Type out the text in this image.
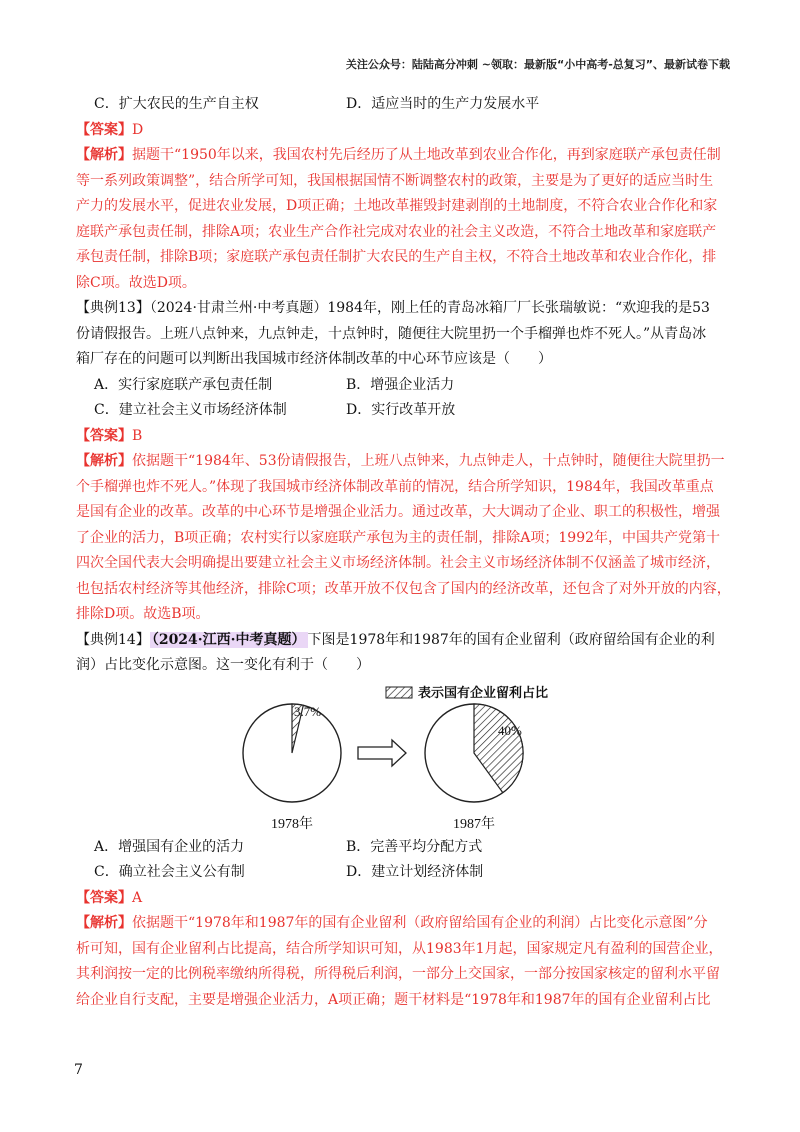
关注公众号：陆陆高分冲刺 ~领取：最新版“小中高考-总复习”、最新试卷下载
C．扩大农民的生产自主权	D．适应当时的生产力发展水平
【答案】D
【解析】据题干“1950年以来，我国农村先后经历了从土地改革到农业合作化，再到家庭联产承包责任制
等一系列政策调整”，结合所学可知，我国根据国情不断调整农村的政策，主要是为了更好的适应当时生
产力的发展水平，促进农业发展，D项正确；土地改革摧毁封建剥削的土地制度，不符合农业合作化和家
庭联产承包责任制，排除A项；农业生产合作社完成对农业的社会主义改造，不符合土地改革和家庭联产
承包责任制，排除B项；家庭联产承包责任制扩大农民的生产自主权，不符合土地改革和农业合作化，排
除C项。故选D项。
【典例13】（2024·甘肃兰州·中考真题）1984年，刚上任的青岛冰箱厂厂长张瑞敏说：“欢迎我的是53
份请假报告。上班八点钟来，九点钟走，十点钟时，随便往大院里扔一个手榴弹也炸不死人。”从青岛冰
箱厂存在的问题可以判断出我国城市经济体制改革的中心环节应该是（　　）
A．实行家庭联产承包责任制	B．增强企业活力
C．建立社会主义市场经济体制	D．实行改革开放
【答案】B
【解析】依据题干“1984年、53份请假报告，上班八点钟来，九点钟走人，十点钟时，随便往大院里扔一
个手榴弹也炸不死人。”体现了我国城市经济体制改革前的情况，结合所学知识，1984年，我国改革重点
是国有企业的改革。改革的中心环节是增强企业活力。通过改革，大大调动了企业、职工的积极性，增强
了企业的活力，B项正确；农村实行以家庭联产承包为主的责任制，排除A项；1992年，中国共产党第十
四次全国代表大会明确提出要建立社会主义市场经济体制。社会主义市场经济体制不仅涵盖了城市经济，
也包括农村经济等其他经济，排除C项；改革开放不仅包含了国内的经济改革，还包含了对外开放的内容，
排除D项。故选B项。
【典例14】 （2024·江西·中考真题） 下图是1978年和1987年的国有企业留利（政府留给国有企业的利
润）占比变化示意图。这一变化有利于（　　）
表示国有企业留利占比
3.7%
1978年
40%
1987年
A．增强国有企业的活力	B．完善平均分配方式
C．确立社会主义公有制	D．建立计划经济体制
【答案】A
【解析】依据题干“1978年和1987年的国有企业留利（政府留给国有企业的利润）占比变化示意图”分
析可知，国有企业留利占比提高，结合所学知识可知，从1983年1月起，国家规定凡有盈利的国营企业，
其利润按一定的比例税率缴纳所得税，所得税后利润，一部分上交国家，一部分按国家核定的留利水平留
给企业自行支配，主要是增强企业活力，A项正确；题干材料是“1978年和1987年的国有企业留利占比
7
